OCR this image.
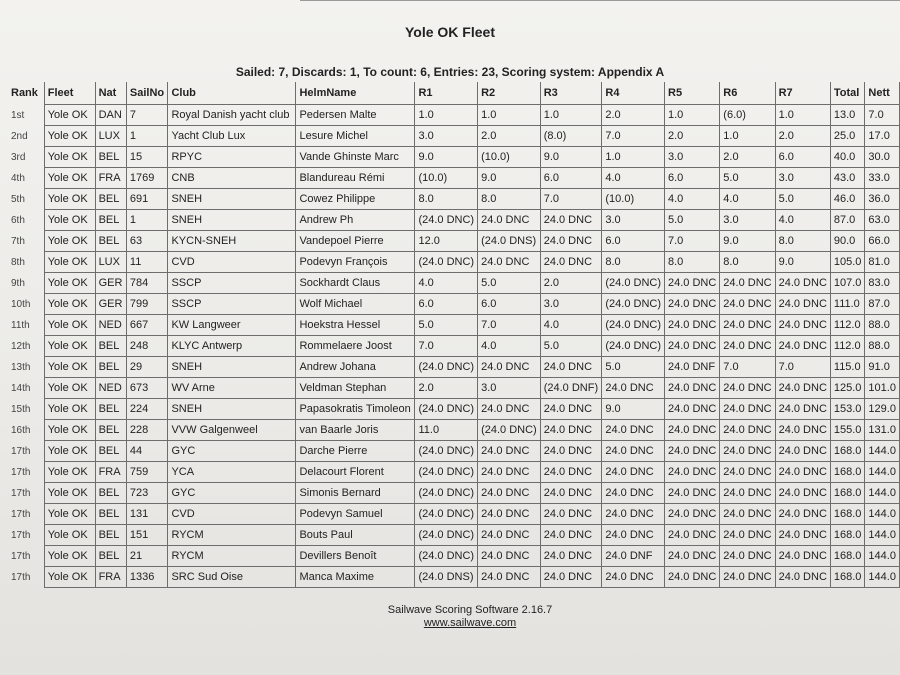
Yole OK Fleet
Sailed: 7, Discards: 1, To count: 6, Entries: 23, Scoring system: Appendix A
Rank	Fleet	Nat	SailNo	Club	HelmName	R1	R2	R3	R4	R5	R6	R7	Total	Nett
1st	Yole OK	DAN	7	Royal Danish yacht club	Pedersen Malte	1.0	1.0	1.0	2.0	1.0	(6.0)	1.0	13.0	7.0
2nd	Yole OK	LUX	1	Yacht Club Lux	Lesure Michel	3.0	2.0	(8.0)	7.0	2.0	1.0	2.0	25.0	17.0
3rd	Yole OK	BEL	15	RPYC	Vande Ghinste Marc	9.0	(10.0)	9.0	1.0	3.0	2.0	6.0	40.0	30.0
4th	Yole OK	FRA	1769	CNB	Blandureau Rémi	(10.0)	9.0	6.0	4.0	6.0	5.0	3.0	43.0	33.0
5th	Yole OK	BEL	691	SNEH	Cowez Philippe	8.0	8.0	7.0	(10.0)	4.0	4.0	5.0	46.0	36.0
6th	Yole OK	BEL	1	SNEH	Andrew Ph	(24.0 DNC)	24.0 DNC	24.0 DNC	3.0	5.0	3.0	4.0	87.0	63.0
7th	Yole OK	BEL	63	KYCN-SNEH	Vandepoel Pierre	12.0	(24.0 DNS)	24.0 DNC	6.0	7.0	9.0	8.0	90.0	66.0
8th	Yole OK	LUX	11	CVD	Podevyn François	(24.0 DNC)	24.0 DNC	24.0 DNC	8.0	8.0	8.0	9.0	105.0	81.0
9th	Yole OK	GER	784	SSCP	Sockhardt Claus	4.0	5.0	2.0	(24.0 DNC)	24.0 DNC	24.0 DNC	24.0 DNC	107.0	83.0
10th	Yole OK	GER	799	SSCP	Wolf Michael	6.0	6.0	3.0	(24.0 DNC)	24.0 DNC	24.0 DNC	24.0 DNC	111.0	87.0
11th	Yole OK	NED	667	KW Langweer	Hoekstra Hessel	5.0	7.0	4.0	(24.0 DNC)	24.0 DNC	24.0 DNC	24.0 DNC	112.0	88.0
12th	Yole OK	BEL	248	KLYC Antwerp	Rommelaere Joost	7.0	4.0	5.0	(24.0 DNC)	24.0 DNC	24.0 DNC	24.0 DNC	112.0	88.0
13th	Yole OK	BEL	29	SNEH	Andrew Johana	(24.0 DNC)	24.0 DNC	24.0 DNC	5.0	24.0 DNF	7.0	7.0	115.0	91.0
14th	Yole OK	NED	673	WV Arne	Veldman Stephan	2.0	3.0	(24.0 DNF)	24.0 DNC	24.0 DNC	24.0 DNC	24.0 DNC	125.0	101.0
15th	Yole OK	BEL	224	SNEH	Papasokratis Timoleon	(24.0 DNC)	24.0 DNC	24.0 DNC	9.0	24.0 DNC	24.0 DNC	24.0 DNC	153.0	129.0
16th	Yole OK	BEL	228	VVW Galgenweel	van Baarle Joris	11.0	(24.0 DNC)	24.0 DNC	24.0 DNC	24.0 DNC	24.0 DNC	24.0 DNC	155.0	131.0
17th	Yole OK	BEL	44	GYC	Darche Pierre	(24.0 DNC)	24.0 DNC	24.0 DNC	24.0 DNC	24.0 DNC	24.0 DNC	24.0 DNC	168.0	144.0
17th	Yole OK	FRA	759	YCA	Delacourt Florent	(24.0 DNC)	24.0 DNC	24.0 DNC	24.0 DNC	24.0 DNC	24.0 DNC	24.0 DNC	168.0	144.0
17th	Yole OK	BEL	723	GYC	Simonis Bernard	(24.0 DNC)	24.0 DNC	24.0 DNC	24.0 DNC	24.0 DNC	24.0 DNC	24.0 DNC	168.0	144.0
17th	Yole OK	BEL	131	CVD	Podevyn Samuel	(24.0 DNC)	24.0 DNC	24.0 DNC	24.0 DNC	24.0 DNC	24.0 DNC	24.0 DNC	168.0	144.0
17th	Yole OK	BEL	151	RYCM	Bouts Paul	(24.0 DNC)	24.0 DNC	24.0 DNC	24.0 DNC	24.0 DNC	24.0 DNC	24.0 DNC	168.0	144.0
17th	Yole OK	BEL	21	RYCM	Devillers Benoît	(24.0 DNC)	24.0 DNC	24.0 DNC	24.0 DNF	24.0 DNC	24.0 DNC	24.0 DNC	168.0	144.0
17th	Yole OK	FRA	1336	SRC Sud Oise	Manca Maxime	(24.0 DNS)	24.0 DNC	24.0 DNC	24.0 DNC	24.0 DNC	24.0 DNC	24.0 DNC	168.0	144.0
Sailwave Scoring Software 2.16.7
www.sailwave.com
